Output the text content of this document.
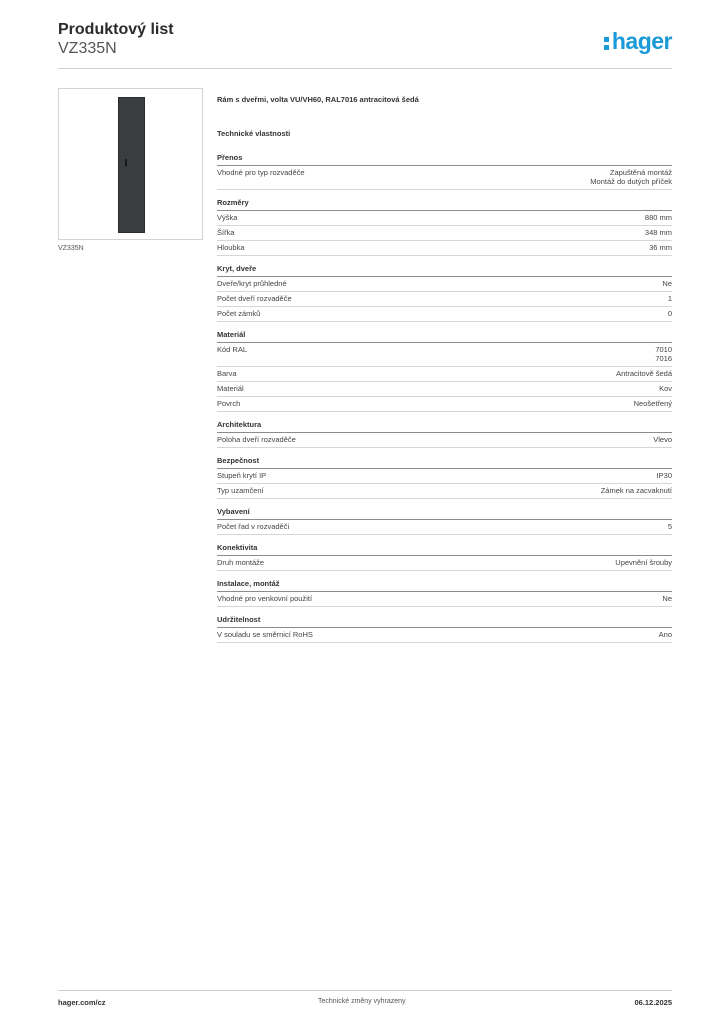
Produktový list
VZ335N	hager
VZ335N
Rám s dveřmi, volta VU/VH60, RAL7016 antracitová šedá
Technické vlastnosti
Přenos
Vhodné pro typ rozvaděče	Zapuštěná montáž
Montáž do dutých příček
Rozměry
Výška	880 mm
Šířka	348 mm
Hloubka	36 mm
Kryt, dveře
Dveře/kryt průhledné	Ne
Počet dveří rozvaděče	1
Počet zámků	0
Materiál
Kód RAL	7010
7016
Barva	Antracitově šedá
Materiál	Kov
Povrch	Neošetřený
Architektura
Poloha dveří rozvaděče	Vlevo
Bezpečnost
Stupeň krytí IP	IP30
Typ uzamčení	Zámek na zacvaknutí
Vybavení
Počet řad v rozvaděči	5
Konektivita
Druh montáže	Upevnění šrouby
Instalace, montáž
Vhodné pro venkovní použití	Ne
Udržitelnost
V souladu se směrnicí RoHS	Ano
hager.com/cz	Technické změny vyhrazeny	06.12.2025
